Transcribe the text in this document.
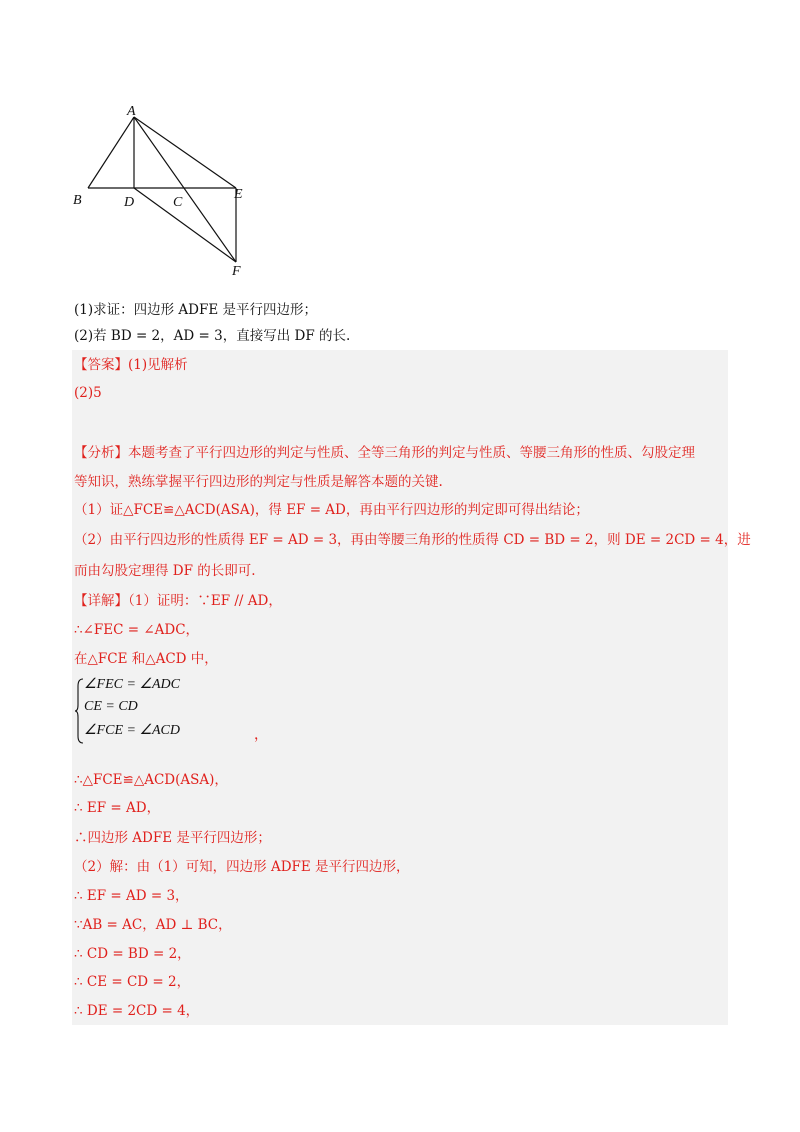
A
B	D	C
E
F
(1)求证：四边形 ADFE 是平行四边形；
(2)若 BD = 2，AD = 3，直接写出 DF 的长.
【答案】(1)见解析
(2)5
【分析】本题考查了平行四边形的判定与性质、全等三角形的判定与性质、等腰三角形的性质、勾股定理
等知识，熟练掌握平行四边形的判定与性质是解答本题的关键.
（1）证△FCE≌△ACD(ASA)，得 EF = AD，再由平行四边形的判定即可得出结论；
（2）由平行四边形的性质得 EF = AD = 3，再由等腰三角形的性质得 CD = BD = 2，则 DE = 2CD = 4，进
而由勾股定理得 DF 的长即可.
【详解】（1）证明：∵EF // AD，
∴∠FEC = ∠ADC，
在△FCE 和△ACD 中，
∠FEC = ∠ADC
CE = CD
∠FCE = ∠ACD	，
∴△FCE≌△ACD(ASA)，
∴ EF = AD，
∴四边形 ADFE 是平行四边形；
（2）解：由（1）可知，四边形 ADFE 是平行四边形，
∴ EF = AD = 3，
∵AB = AC，AD ⊥ BC，
∴ CD = BD = 2，
∴ CE = CD = 2，
∴ DE = 2CD = 4，
